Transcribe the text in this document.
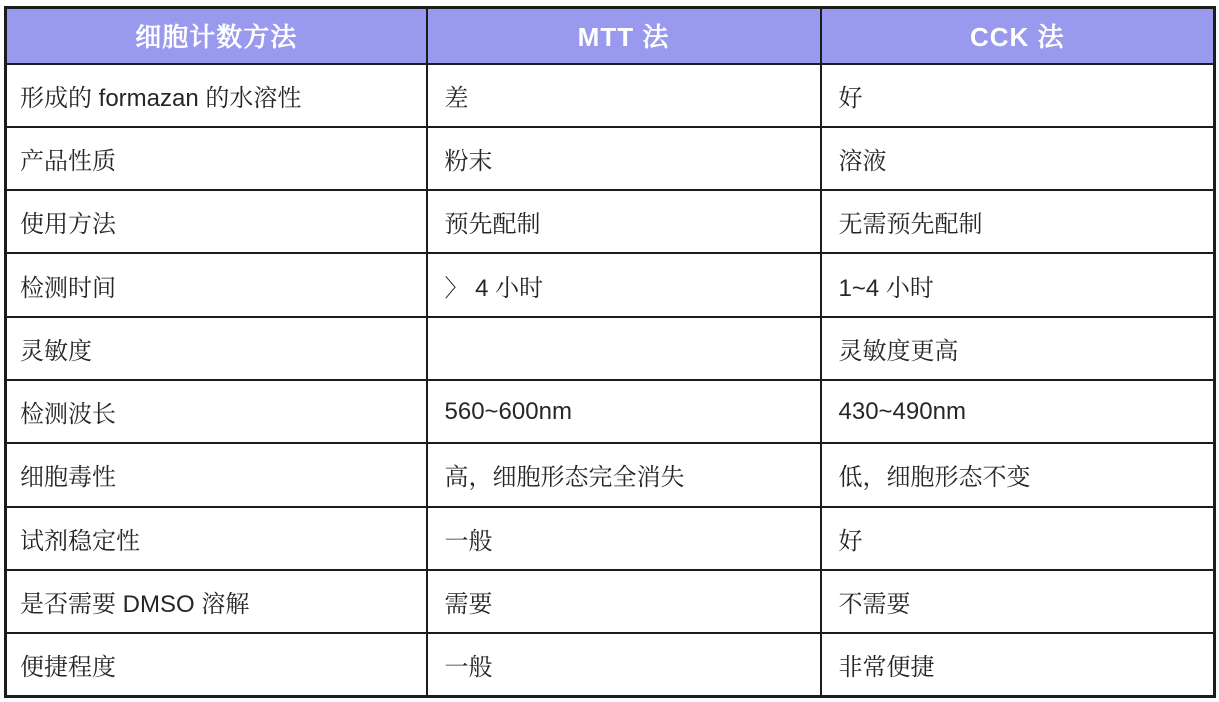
细胞计数方法	MTT 法	CCK 法
形成的 formazan 的水溶性	差	好
产品性质	粉末	溶液
使用方法	预先配制	无需预先配制
检测时间	〉 4 小时	1~4 小时
灵敏度		灵敏度更高
检测波长	560~600nm	430~490nm
细胞毒性	高，细胞形态完全消失	低，细胞形态不变
试剂稳定性	一般	好
是否需要 DMSO 溶解	需要	不需要
便捷程度	一般	非常便捷
